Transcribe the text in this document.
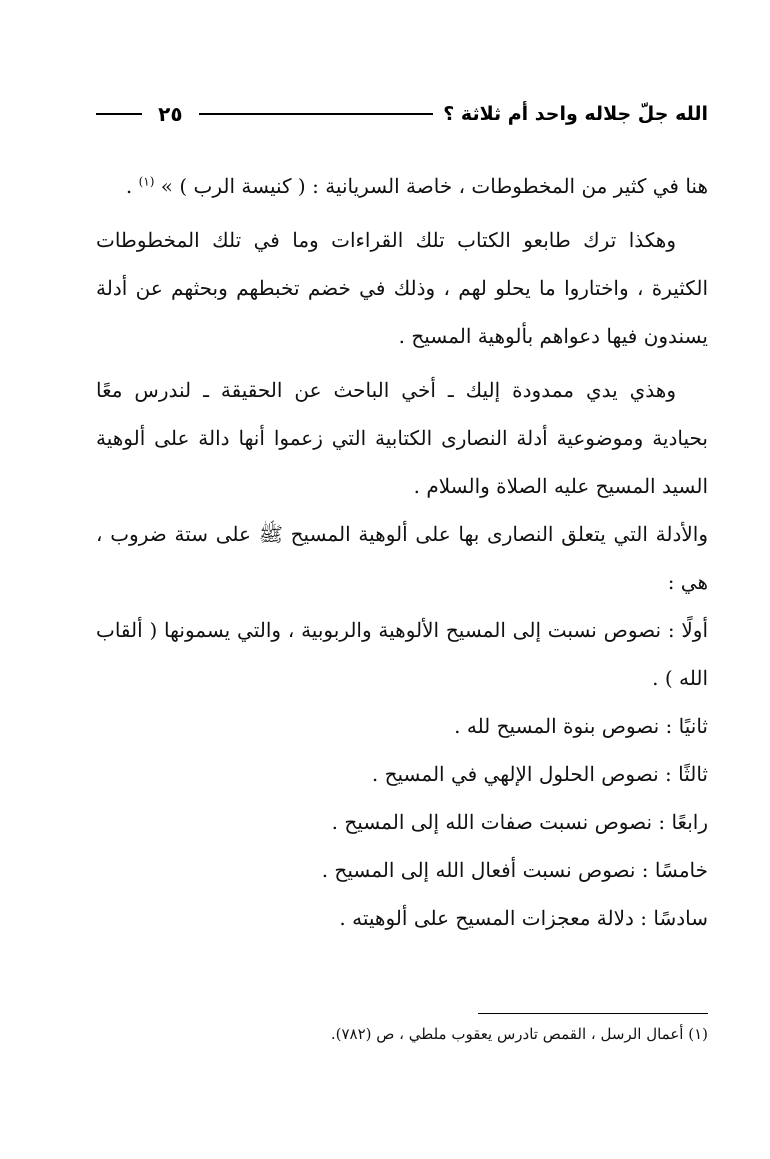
الله جلّ جلاله واحد أم ثلاثة ؟
٢٥

هنا في كثير من المخطوطات ، خاصة السريانية : ( كنيسة الرب ) » $^{(١)}$ .

وهكذا ترك طابعو الكتاب تلك القراءات وما في تلك المخطوطات الكثيرة ، واختاروا ما يحلو لهم ، وذلك في خضم تخبطهم وبحثهم عن أدلة يسندون فيها دعواهم بألوهية المسيح .

وهذي يدي ممدودة إليك ـ أخي الباحث عن الحقيقة ـ لندرس معًا بحيادية وموضوعية أدلة النصارى الكتابية التي زعموا أنها دالة على ألوهية السيد المسيح عليه الصلاة والسلام .

والأدلة التي يتعلق النصارى بها على ألوهية المسيح ﷺ على ستة ضروب ، هي :

أولًا : نصوص نسبت إلى المسيح الألوهية والربوبية ، والتي يسمونها ( ألقاب الله ) .

ثانيًا : نصوص بنوة المسيح لله .

ثالثًا : نصوص الحلول الإلهي في المسيح .

رابعًا : نصوص نسبت صفات الله إلى المسيح .

خامسًا : نصوص نسبت أفعال الله إلى المسيح .

سادسًا : دلالة معجزات المسيح على ألوهيته .

(١) أعمال الرسل ، القمص تادرس يعقوب ملطي ، ص (٧٨٢).
